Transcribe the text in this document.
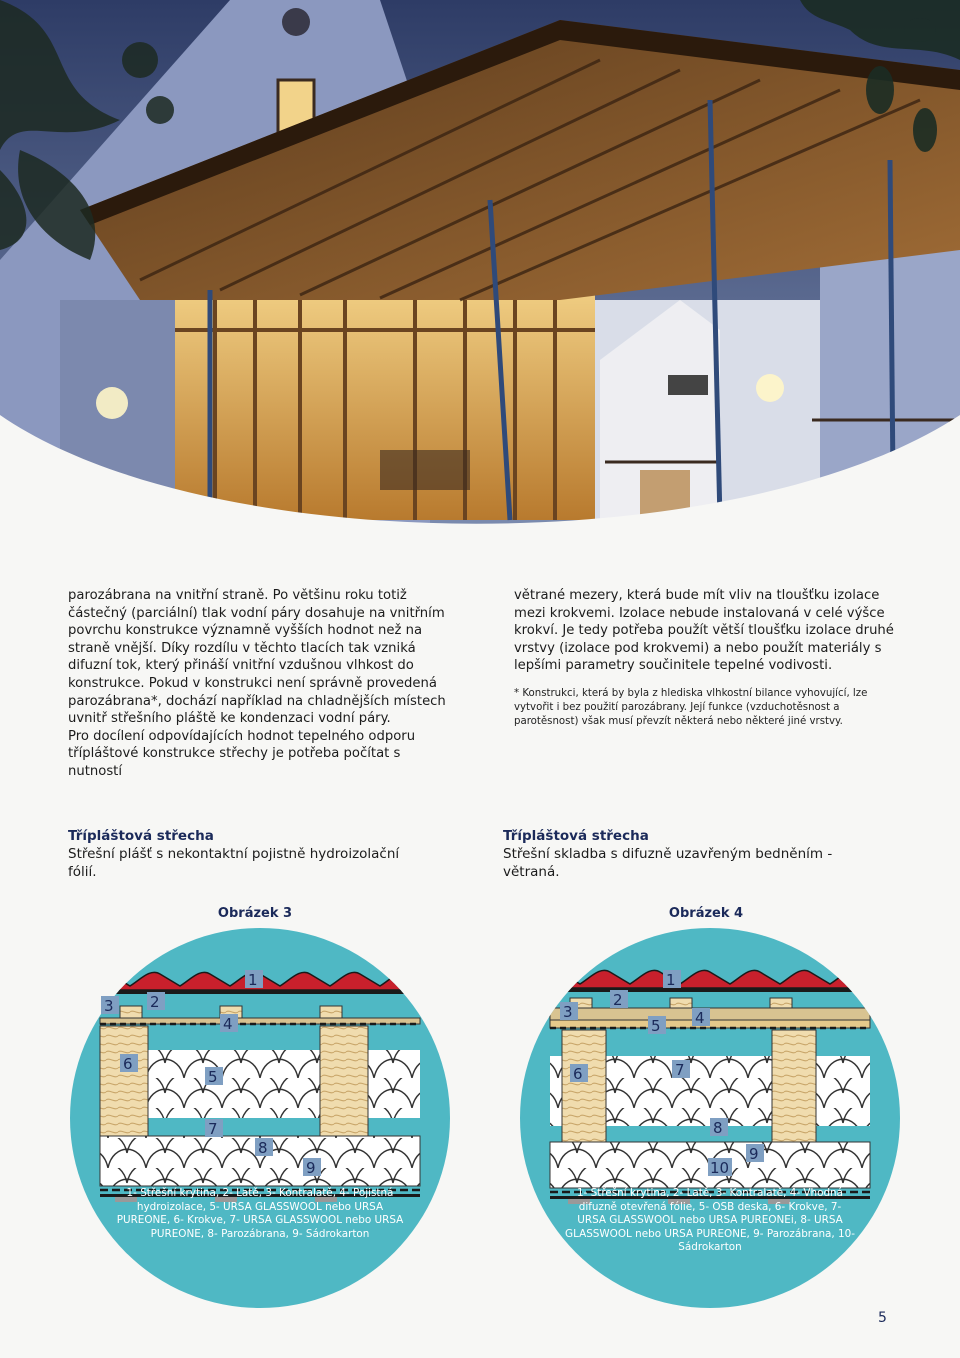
parozábrana na vnitřní straně. Po většinu roku totiž částečný (parciální) tlak vodní páry dosahuje na vnitřním povrchu konstrukce významně vyšších hodnot než na straně vnější. Díky rozdílu v těchto tlacích tak vzniká difuzní tok, který přináší vnitřní vzdušnou vlhkost do konstrukce. Pokud v konstrukci není správně provedená parozábrana*, dochází například na chladnějších místech uvnitř střešního pláště ke kondenzaci vodní páry.

Pro docílení odpovídajících hodnot tepelného odporu třípláštové konstrukce střechy je potřeba počítat s nutností

větrané mezery, která bude mít vliv na tloušťku izolace mezi krokvemi. Izolace nebude instalovaná v celé výšce krokví. Je tedy potřeba použít větší tloušťku izolace druhé vrstvy (izolace pod krokvemi) a nebo použít materiály s lepšími parametry součinitele tepelné vodivosti.

* Konstrukci, která by byla z hlediska vlhkostní bilance vyhovující, lze vytvořit i bez použití parozábrany. Její funkce (vzduchotěsnost a parotěsnost) však musí převzít některá nebo některé jiné vrstvy.

Třípláštová střecha
Střešní plášť s nekontaktní pojistně hydroizolační fólií.
Třípláštová střecha
Střešní skladba s difuzně uzavřeným bedněním - větraná.
Obrázek 3	Obrázek 4
1
2
3
4
5
6
7
8
9
1
2
3	4
5
6	7
8
9
10
1- Střešní krytina, 2- Latě, 3- Kontralatě, 4- Pojistná hydroizolace, 5- URSA GLASSWOOL nebo URSA PUREONE, 6- Krokve, 7- URSA GLASSWOOL nebo URSA PUREONE, 8- Parozábrana, 9- Sádrokarton
1- Střešní krytina, 2- Latě, 3- Kontralatě, 4- Vhodná difuzně otevřená fólie, 5- OSB deska, 6- Krokve, 7- URSA GLASSWOOL nebo URSA PUREONEi, 8- URSA GLASSWOOL nebo URSA PUREONE, 9- Parozábrana, 10- Sádrokarton
5
